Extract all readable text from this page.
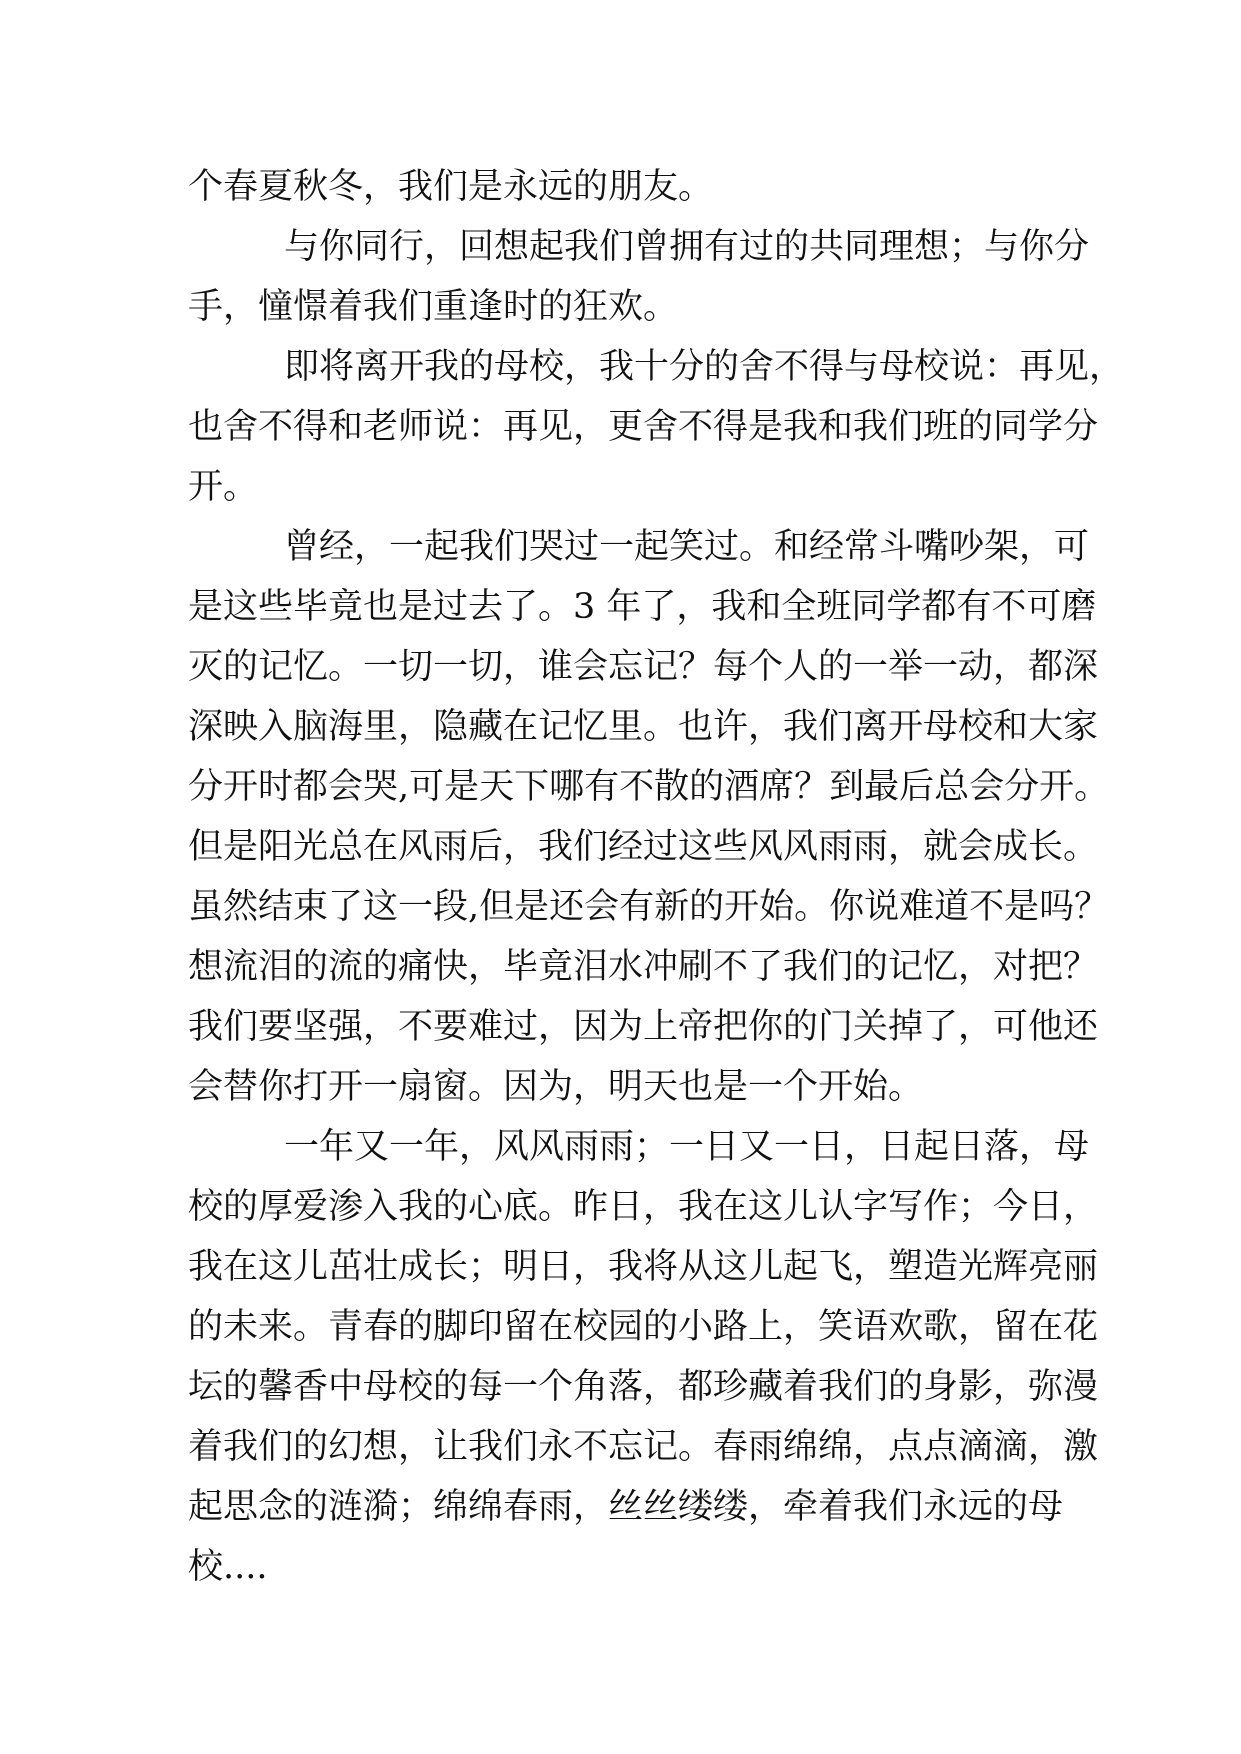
个春夏秋冬，我们是永远的朋友。
与你同行，回想起我们曾拥有过的共同理想；与你分
手，憧憬着我们重逢时的狂欢。
即将离开我的母校，我十分的舍不得与母校说：再见，
也舍不得和老师说：再见，更舍不得是我和我们班的同学分
开。
曾经，一起我们哭过一起笑过。和经常斗嘴吵架，可
是这些毕竟也是过去了。3 年了，我和全班同学都有不可磨
灭的记忆。一切一切，谁会忘记？每个人的一举一动，都深
深映入脑海里，隐藏在记忆里。也许，我们离开母校和大家
分开时都会哭,可是天下哪有不散的酒席？到最后总会分开。
但是阳光总在风雨后，我们经过这些风风雨雨，就会成长。
虽然结束了这一段,但是还会有新的开始。你说难道不是吗？
想流泪的流的痛快，毕竟泪水冲刷不了我们的记忆，对把？
我们要坚强，不要难过，因为上帝把你的门关掉了，可他还
会替你打开一扇窗。因为，明天也是一个开始。
一年又一年，风风雨雨；一日又一日，日起日落，母
校的厚爱渗入我的心底。昨日，我在这儿认字写作；今日，
我在这儿茁壮成长；明日，我将从这儿起飞，塑造光辉亮丽
的未来。青春的脚印留在校园的小路上，笑语欢歌，留在花
坛的馨香中母校的每一个角落，都珍藏着我们的身影，弥漫
着我们的幻想，让我们永不忘记。春雨绵绵，点点滴滴，激
起思念的涟漪；绵绵春雨，丝丝缕缕，牵着我们永远的母
校....
